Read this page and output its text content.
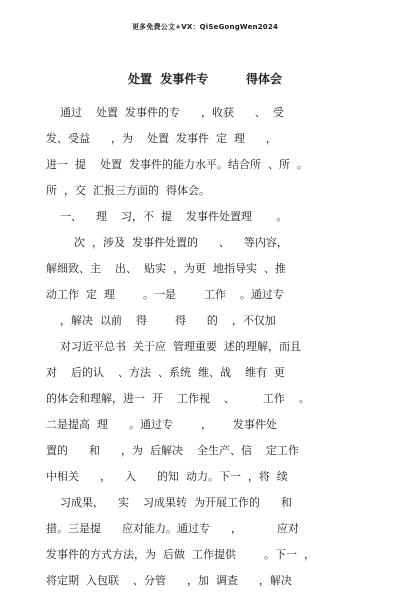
更多免费公文+VX：QiSeGongWen2024
处置  发事件专         得体会
通过    处置  发事件的专      ，收获      、  受
发、受益      ，为    处置  发事件  定  理      ，
进一  提    处置  发事件的能力水平。结合所  、所  。
所  ，交  汇报三方面的  得体会。
一、    理    习，不  提    发事件处置理       。
次  ，涉及  发事件处置的      、    等内容，
解细致、主    出、  贴实  ，为更  地指导实  、推
动工作  定  理        。一是        工作    。通过专
，解决  以前    得        得      的    ，不仅加
对习近平总书  关于应  管理重要  述的理解，而且
对    后的认    、方法  、系统  维、战    维有  更
的体会和理解，进一  开    工作视    、        工作    。
二是提高  理      。通过专        ，      发事件处
置的      和      ，为  后解决    全生产、信    定工作
中相关      ，    入      的知  动力。下一  ，将  续
习成果，    实    习成果转  为开展工作的      和
措。三是提      应对能力。通过专      ，          应对
发事件的方式方法，为  后做  工作提供        。下一  ，
将定期  入包联    、分管      ，加  调查      ，解决
